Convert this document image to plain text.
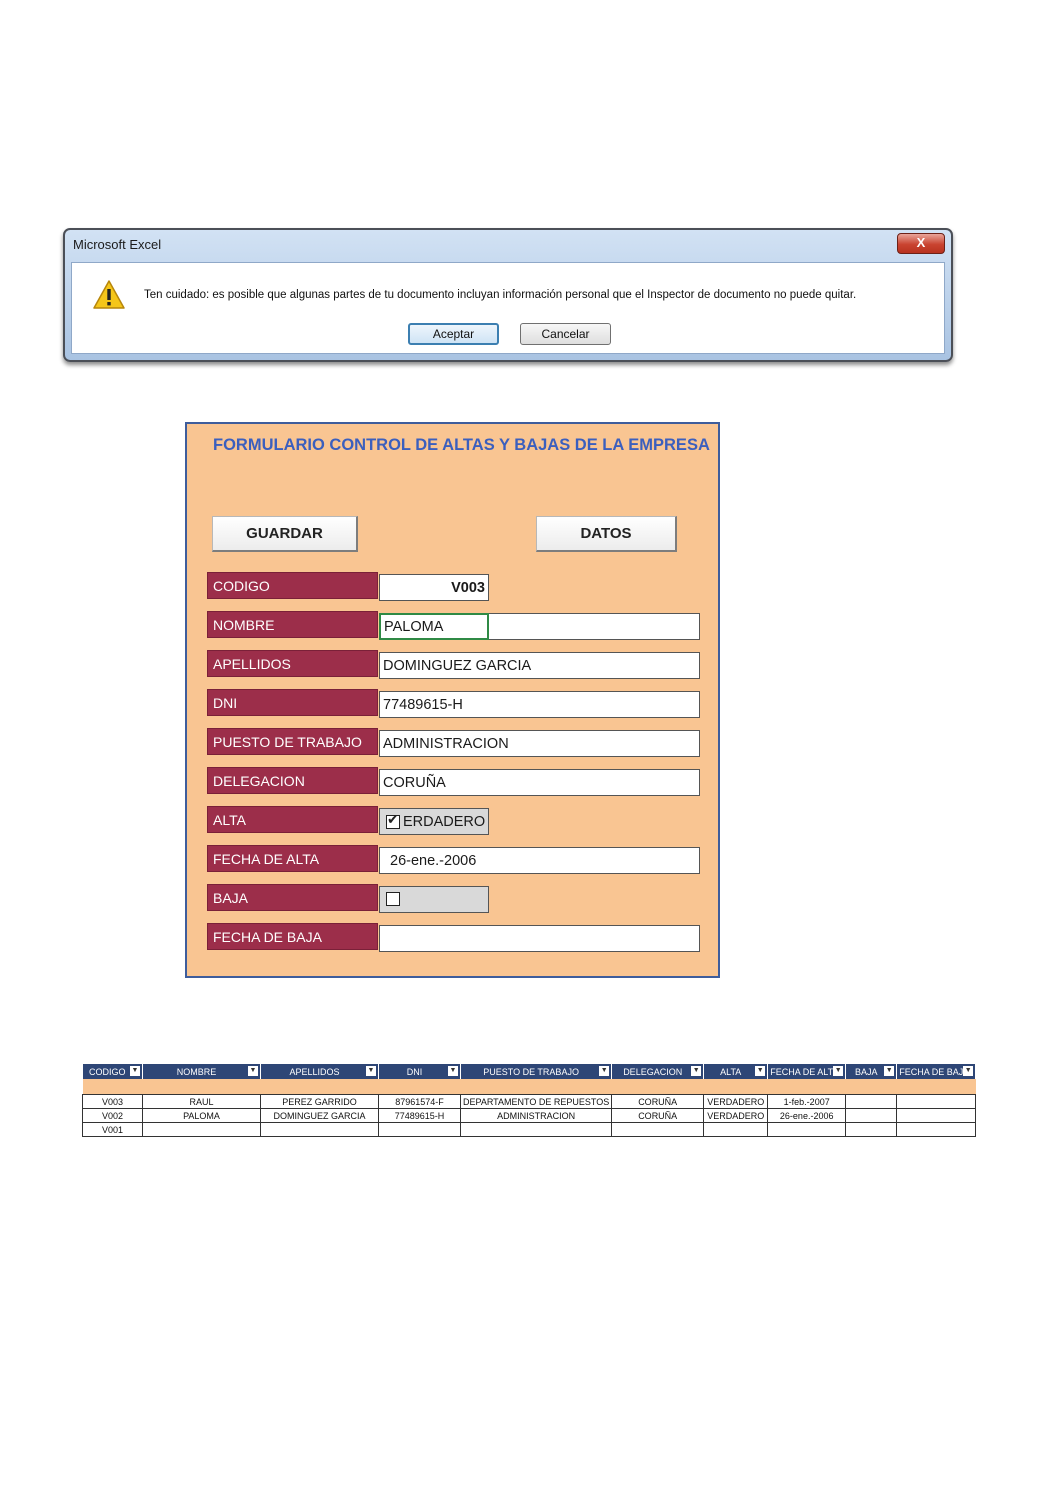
Microsoft Excel	X
Ten cuidado: es posible que algunas partes de tu documento incluyan información personal que el Inspector de documento no puede quitar.
Aceptar	Cancelar
FORMULARIO CONTROL DE ALTAS Y BAJAS DE LA EMPRESA
GUARDAR	DATOS
CODIGO	V003
NOMBRE	PALOMA
APELLIDOS	DOMINGUEZ GARCIA
DNI	77489615-H
PUESTO DE TRABAJO	ADMINISTRACION
DELEGACION	CORUÑA
ALTA	✔ ERDADERO
FECHA DE ALTA	26-ene.-2006
BAJA
FECHA DE BAJA
CODIGO ▼	NOMBRE ▼	APELLIDOS ▼	DNI ▼	PUESTO DE TRABAJO ▼	DELEGACION ▼	ALTA ▼	FECHA DE ALT ▼	BAJA ▼	FECHA DE BAJ ▼

V003	RAUL	PEREZ GARRIDO	87961574-F	DEPARTAMENTO DE REPUESTOS	CORUÑA	VERDADERO	1-feb.-2007		
V002	PALOMA	DOMINGUEZ GARCIA	77489615-H	ADMINISTRACION	CORUÑA	VERDADERO	26-ene.-2006		
V001									
